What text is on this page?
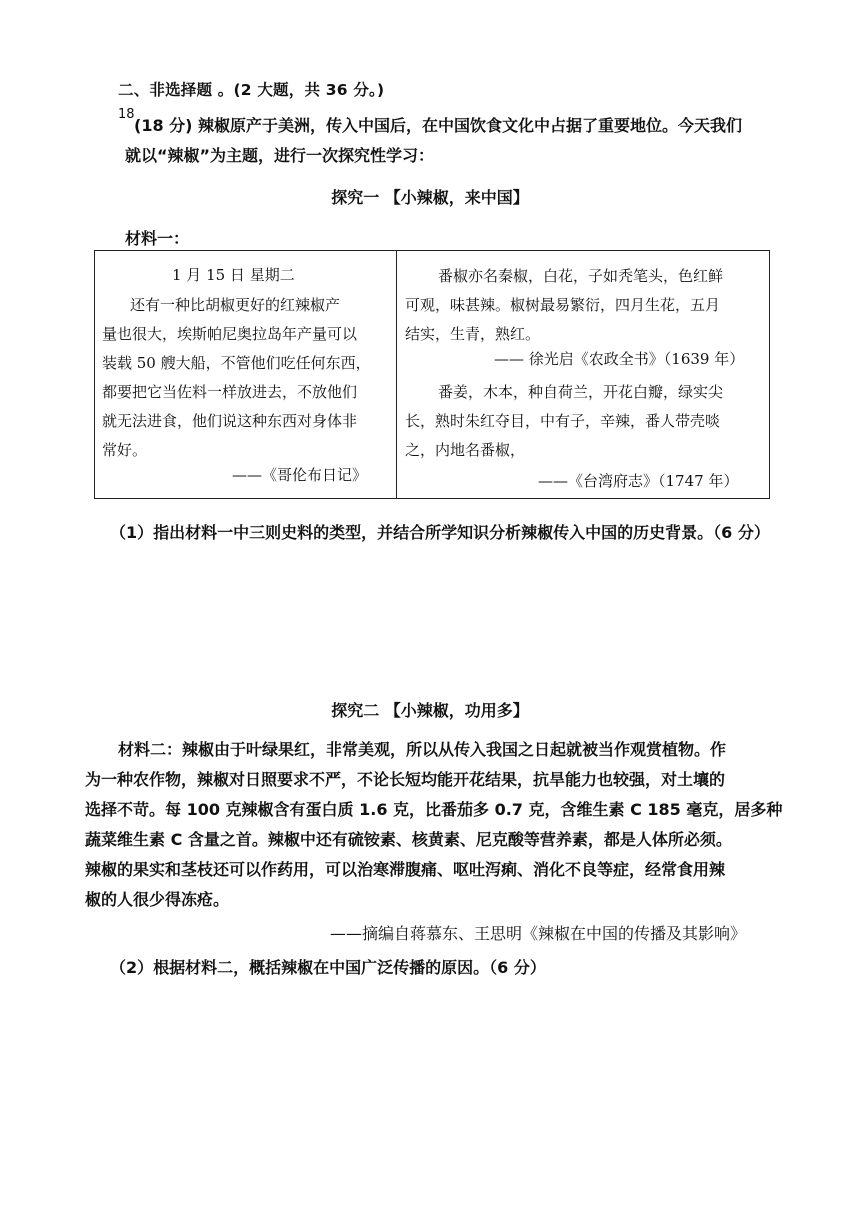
二、非选择题 。(2 大题，共 36 分。)
18
(18 分) 辣椒原产于美洲，传入中国后，在中国饮食文化中占据了重要地位。今天我们
就以“辣椒”为主题，进行一次探究性学习：
探究一 【小辣椒，来中国】
材料一：
1 月 15 日 星期二
还有一种比胡椒更好的红辣椒产
量也很大，埃斯帕尼奥拉岛年产量可以
装载 50 艘大船，不管他们吃任何东西，
都要把它当佐料一样放进去，不放他们
就无法进食，他们说这种东西对身体非
常好。
——《哥伦布日记》
番椒亦名秦椒，白花，子如秃笔头，色红鲜
可观，味甚辣。椒树最易繁衍，四月生花，五月
结实，生青，熟红。
—— 徐光启《农政全书》（1639 年）
番姜，木本，种自荷兰，开花白瓣，绿实尖
长，熟时朱红夺目，中有子，辛辣，番人带壳啖
之，内地名番椒，
——《台湾府志》（1747 年）
（1）指出材料一中三则史料的类型，并结合所学知识分析辣椒传入中国的历史背景。（6 分）
探究二 【小辣椒，功用多】
材料二：辣椒由于叶绿果红，非常美观，所以从传入我国之日起就被当作观赏植物。作
为一种农作物，辣椒对日照要求不严，不论长短均能开花结果，抗旱能力也较强，对土壤的
选择不苛。每 100 克辣椒含有蛋白质 1.6 克，比番茄多 0.7 克，含维生素 C 185 毫克，居多种
蔬菜维生素 C 含量之首。辣椒中还有硫铵素、核黄素、尼克酸等营养素，都是人体所必须。
辣椒的果实和茎枝还可以作药用，可以治寒滞腹痛、呕吐泻痢、消化不良等症，经常食用辣
椒的人很少得冻疮。
——摘编自蒋慕东、王思明《辣椒在中国的传播及其影响》
（2）根据材料二，概括辣椒在中国广泛传播的原因。（6 分）
